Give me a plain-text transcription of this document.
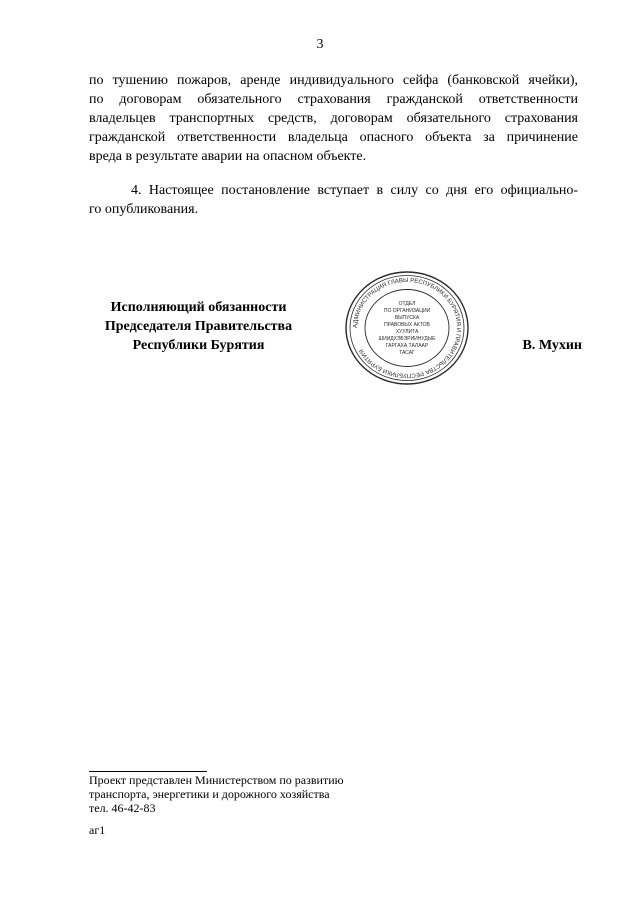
3
по тушению пожаров, аренде индивидуального сейфа (банковской ячейки),
по договорам обязательного страхования гражданской ответственности
владельцев транспортных средств, договорам обязательного страхования
гражданской ответственности владельца опасного объекта за причинение
вреда в результате аварии на опасном объекте.
4. Настоящее постановление вступает в силу со дня его официально-
го опубликования.
Исполняющий обязанности
Председателя Правительства
Республики Бурятия
АДМИНИСТРАЦИЯ ГЛАВЫ РЕСПУБЛИКИ БУРЯТИЯ И ПРАВИТЕЛЬСТВА РЕСПУБЛИКИ БУРЯТИЯ
ОТДЕЛ
ПО ОРГАНИЗАЦИИ
ВЫПУСКА
ПРАВОВЫХ АКТОВ
ХУУЛИТА
ШИИДХЭБЭРИИНУДЫЕ
ГАРГАХА ТАЛААР
ТАСАГ	В. Мухин
Проект представлен Министерством по развитию
транспорта, энергетики и дорожного хозяйства
тел. 46-42-83
аг1
